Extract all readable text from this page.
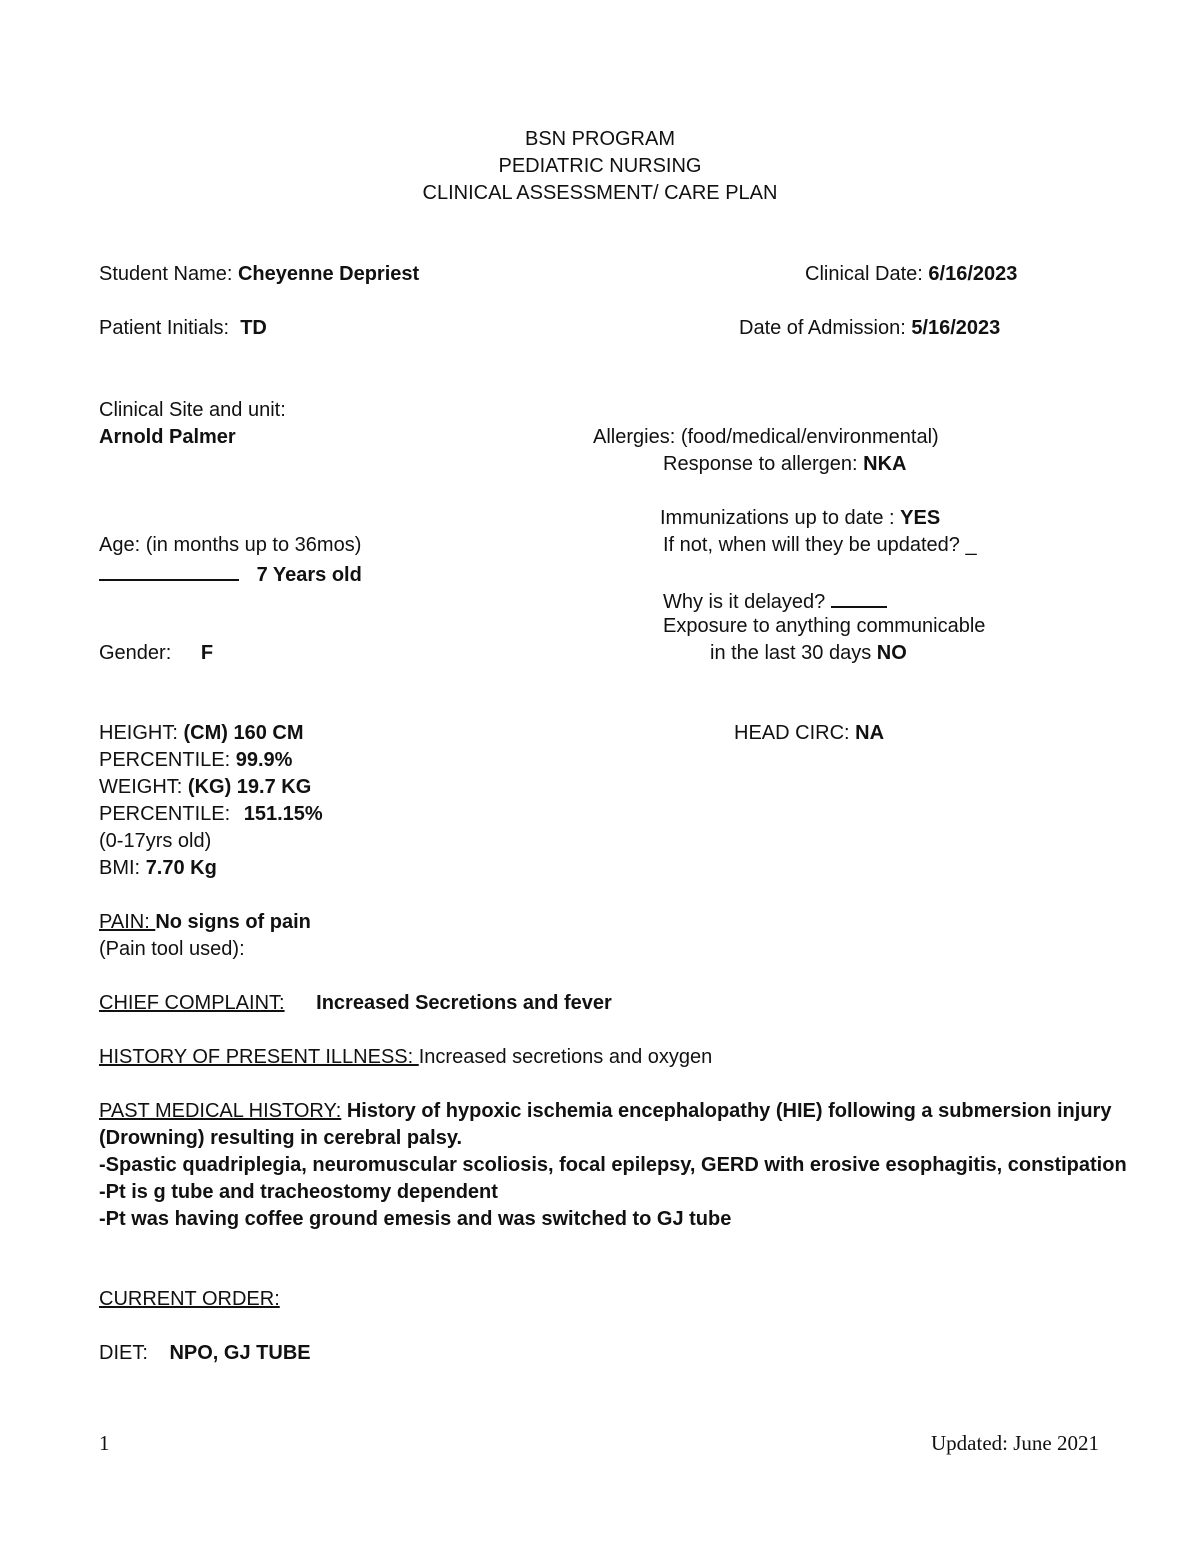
BSN PROGRAM
PEDIATRIC NURSING
CLINICAL ASSESSMENT/ CARE PLAN
Student Name: Cheyenne Depriest	Clinical Date: 6/16/2023
Patient Initials: TD	Date of Admission: 5/16/2023
Clinical Site and unit:
Arnold Palmer	Allergies: (food/medical/environmental)
Response to allergen: NKA
Immunizations up to date : YES
Age: (in months up to 36mos)	If not, when will they be updated? _
7 Years old
Why is it delayed?
Exposure to anything communicable
in the last 30 days NO
Gender: F
HEIGHT: (CM) 160 CM	HEAD CIRC: NA
PERCENTILE: 99.9%
WEIGHT: (KG) 19.7 KG
PERCENTILE: 151.15%
(0-17yrs old)
BMI: 7.70 Kg
PAIN: No signs of pain
(Pain tool used):
CHIEF COMPLAINT: Increased Secretions and fever
HISTORY OF PRESENT ILLNESS: Increased secretions and oxygen
PAST MEDICAL HISTORY: History of hypoxic ischemia encephalopathy (HIE) following a submersion injury
(Drowning) resulting in cerebral palsy.
-Spastic quadriplegia, neuromuscular scoliosis, focal epilepsy, GERD with erosive esophagitis, constipation
-Pt is g tube and tracheostomy dependent
-Pt was having coffee ground emesis and was switched to GJ tube
CURRENT ORDER:
DIET: NPO, GJ TUBE
1	Updated: June 2021
